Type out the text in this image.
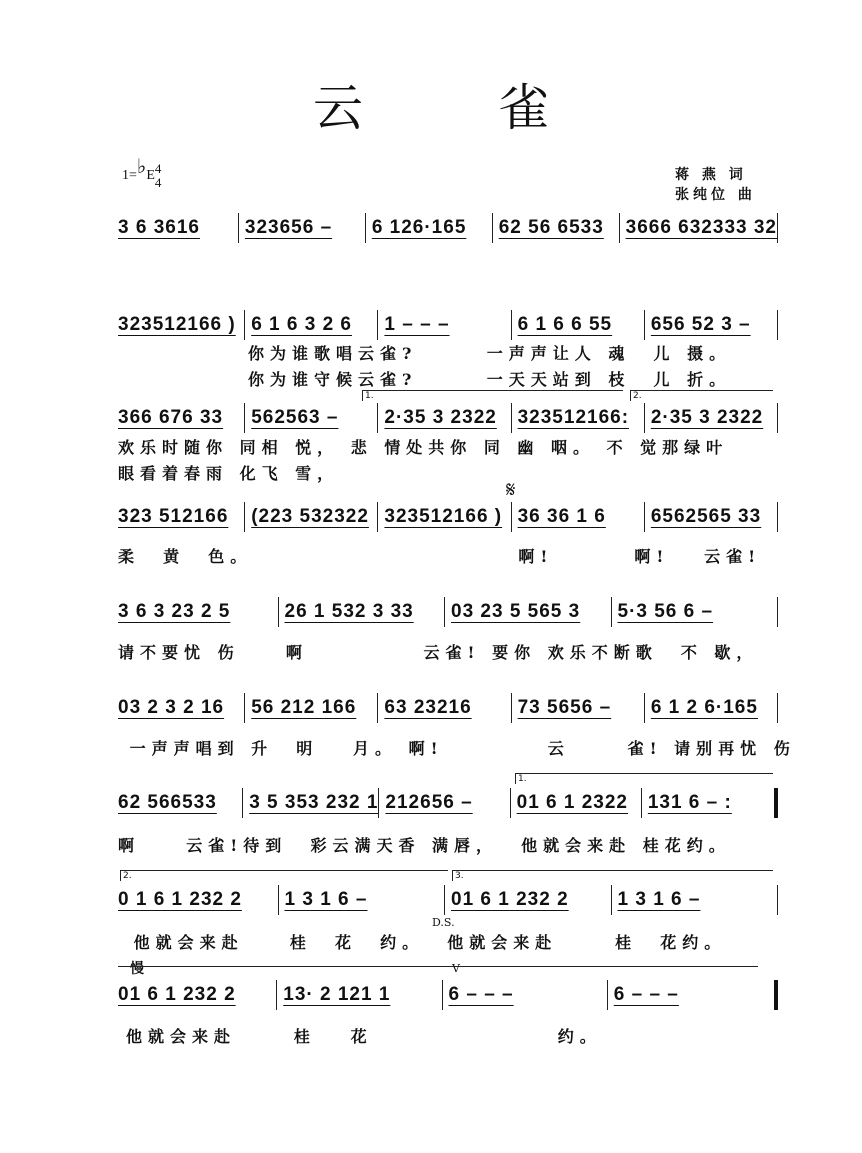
云 雀
1=♭E4
4	蒋 燕 词
张纯位 曲
3 6 3616	323656 –	6 126·165	62 56 6533	3666 632333 32
323512166 ) 6 1 6 3 2 6	1 – – –	6 1 6 6 55	656 52 3 –
366 676 33	562563 –	2·35 3 2322	323512166:	2·35 3 2322
323 512166	(223 532322 323512166 ) 36 36 1 6	6562565 33
3 6 3 23 2 5	26 1 532 3 33	03 23 5 565 3	5·3 56 6 –
03 2 3 2 16	56 212 166	63 23216	73 5656 –	6 1 2 6·165
62 566533	3 5 353 232 1 212656 –	01 6 1 2322	131 6 – :
0 1 6 1 232 2	1 3 1 6 –	01 6 1 232 2	1 3 1 6 –
01 6 1 232 2	13· 2 121 1	6 – – –	6 – – –
你为谁歌唱云雀?      一声声让人 魂  儿 摄。
你为谁守候云雀?      一天天站到 枝  儿 折。
欢乐时随你 同相 悦， 悲 情处共你 同 幽 咽。 不 觉那绿叶
眼看着春雨 化飞 雪，
柔  黄  色。                       啊!       啊!   云雀!
请不要忧 伤    啊          云雀! 要你 欢乐不断歌  不 歇，
一声声唱到 升  明   月。 啊!         云     雀! 请别再忧 伤
啊    云雀!待到  彩云满天香 满唇，  他就会来赴 桂花约。
他就会来赴    桂  花  约。  他就会来赴     桂  花约。
他就会来赴     桂   花                约。
1.	2.
1.
2.	3.
𝄋
D.S.
慢	V
